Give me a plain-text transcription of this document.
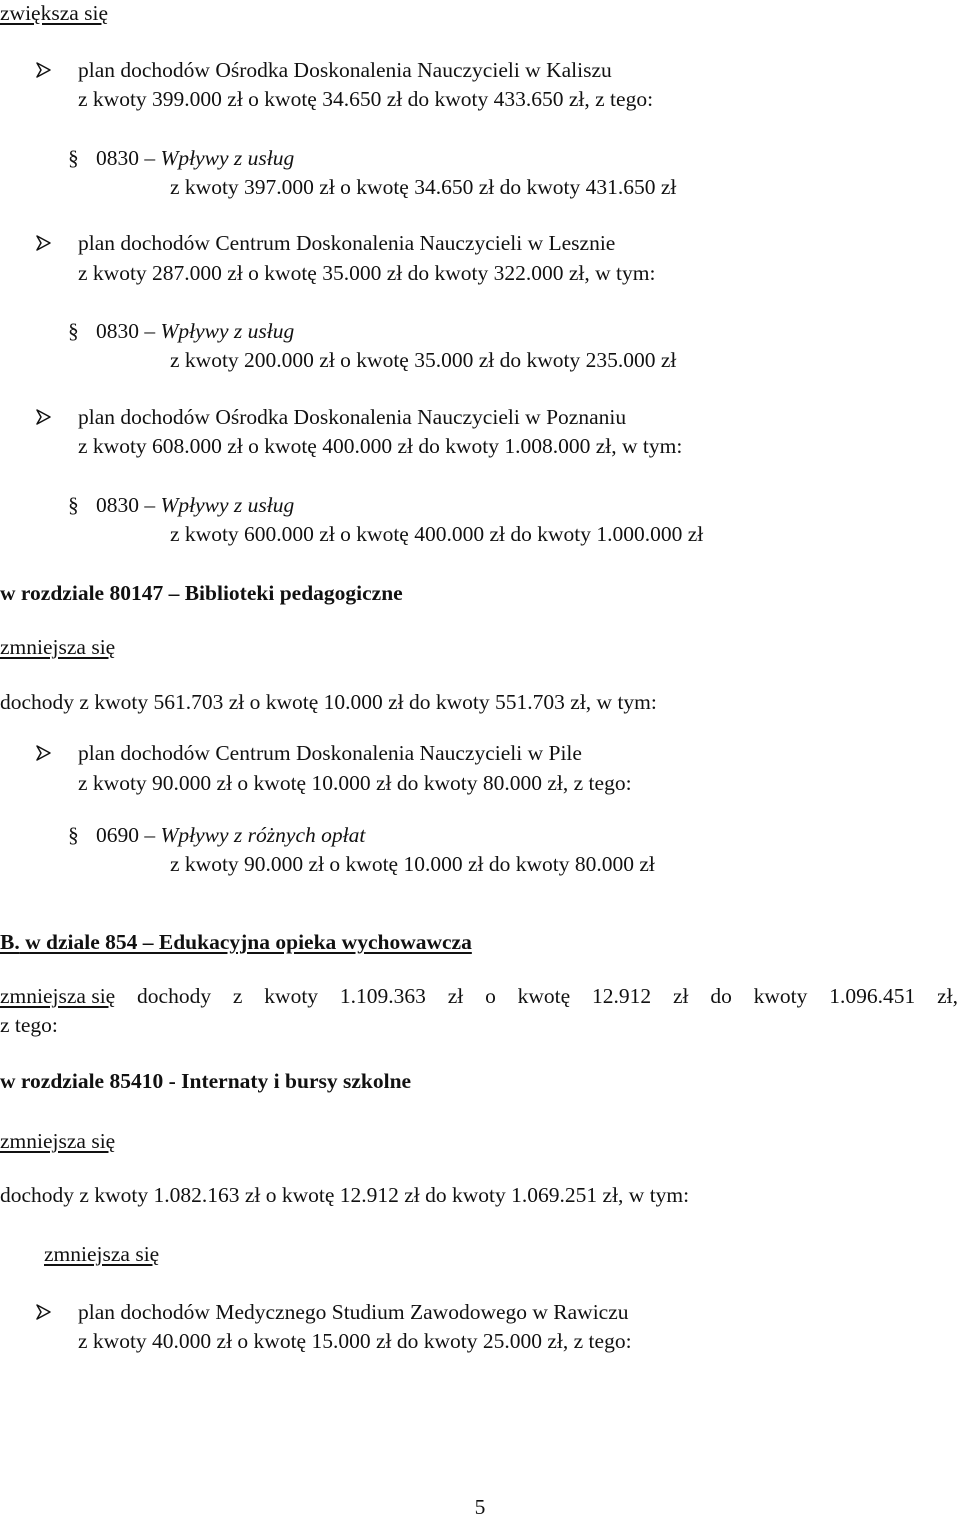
zwiększa się
plan dochodów Ośrodka Doskonalenia Nauczycieli w Kaliszu
z kwoty 399.000 zł o kwotę 34.650 zł do kwoty 433.650 zł, z tego:
§ 0830 – Wpływy z usług
z kwoty 397.000 zł o kwotę 34.650 zł do kwoty 431.650 zł
plan dochodów Centrum Doskonalenia Nauczycieli w Lesznie
z kwoty 287.000 zł o kwotę 35.000 zł do kwoty 322.000 zł, w tym:
§ 0830 – Wpływy z usług
z kwoty 200.000 zł o kwotę 35.000 zł do kwoty 235.000 zł
plan dochodów Ośrodka Doskonalenia Nauczycieli w Poznaniu
z kwoty 608.000 zł o kwotę 400.000 zł do kwoty 1.008.000 zł, w tym:
§ 0830 – Wpływy z usług
z kwoty 600.000 zł o kwotę 400.000 zł do kwoty 1.000.000 zł
w rozdziale 80147 – Biblioteki pedagogiczne
zmniejsza się
dochody z kwoty 561.703 zł o kwotę 10.000 zł do kwoty 551.703 zł, w tym:
plan dochodów Centrum Doskonalenia Nauczycieli w Pile
z kwoty 90.000 zł o kwotę 10.000 zł do kwoty 80.000 zł, z tego:
§ 0690 – Wpływy z różnych opłat
z kwoty 90.000 zł o kwotę 10.000 zł do kwoty 80.000 zł
B. w dziale 854 – Edukacyjna opieka wychowawcza
zmniejsza się dochody z kwoty 1.109.363 zł o kwotę 12.912 zł do kwoty 1.096.451 zł,
z tego:
w rozdziale 85410 - Internaty i bursy szkolne
zmniejsza się
dochody z kwoty 1.082.163 zł o kwotę 12.912 zł do kwoty 1.069.251 zł, w tym:
zmniejsza się
plan dochodów Medycznego Studium Zawodowego w Rawiczu
z kwoty 40.000 zł o kwotę 15.000 zł do kwoty 25.000 zł, z tego:
5
